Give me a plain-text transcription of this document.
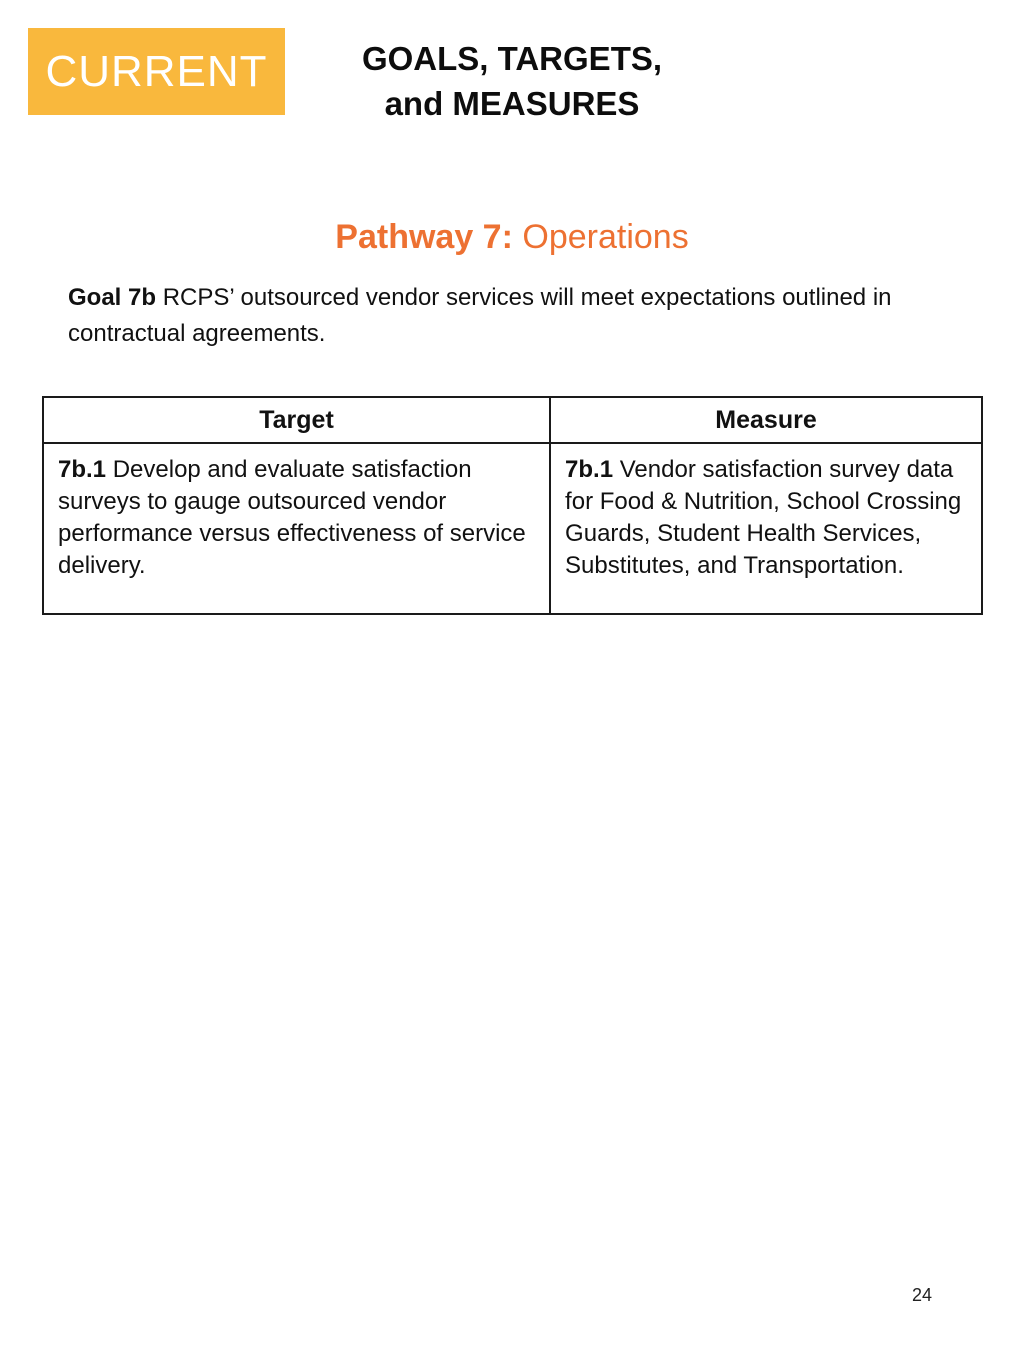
CURRENT	GOALS, TARGETS,
and MEASURES
Pathway 7: Operations

Goal 7b RCPS’ outsourced vendor services will meet expectations outlined in contractual agreements.

Target	Measure
7b.1 Develop and evaluate satisfaction surveys to gauge outsourced vendor performance versus effectiveness of service delivery.	7b.1 Vendor satisfaction survey data for Food & Nutrition, School Crossing Guards, Student Health Services, Substitutes, and Transportation.
24
